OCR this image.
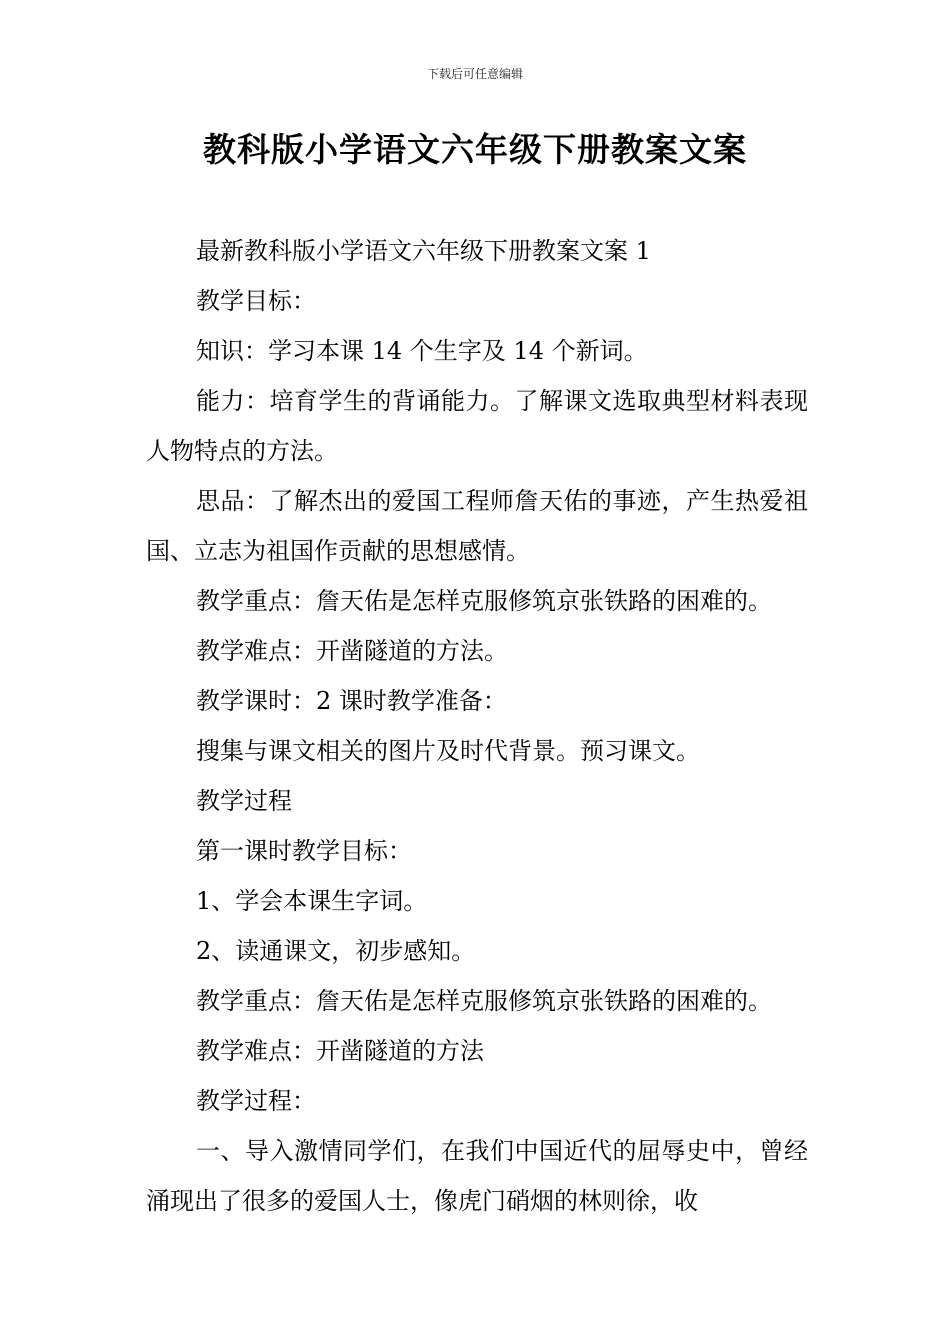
下载后可任意编辑
教科版小学语文六年级下册教案文案

最新教科版小学语文六年级下册教案文案 1

教学目标：

知识：学习本课 14 个生字及 14 个新词。

能力：培育学生的背诵能力。了解课文选取典型材料表现人物特点的方法。

思品：了解杰出的爱国工程师詹天佑的事迹，产生热爱祖国、立志为祖国作贡献的思想感情。

教学重点：詹天佑是怎样克服修筑京张铁路的困难的。

教学难点：开凿隧道的方法。

教学课时：2 课时教学准备：

搜集与课文相关的图片及时代背景。预习课文。

教学过程

第一课时教学目标：

1、学会本课生字词。

2、读通课文，初步感知。

教学重点：詹天佑是怎样克服修筑京张铁路的困难的。

教学难点：开凿隧道的方法

教学过程：

一、导入激情同学们，在我们中国近代的屈辱史中，曾经涌现出了很多的爱国人士，像虎门硝烟的林则徐，收
